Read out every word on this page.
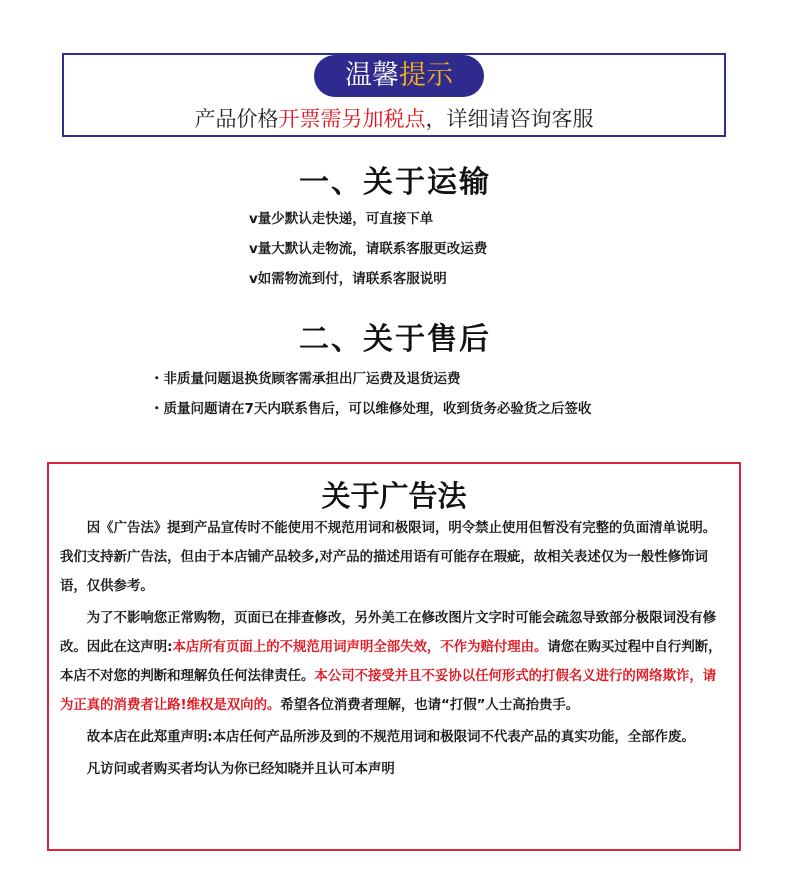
温馨提示
产品价格开票需另加税点，详细请咨询客服
一、关于运输
v量少默认走快递，可直接下单
v量大默认走物流，请联系客服更改运费
v如需物流到付，请联系客服说明
二、关于售后
・非质量问题退换货顾客需承担出厂运费及退货运费
・质量问题请在7天内联系售后，可以维修处理，收到货务必验货之后签收
关于广告法

因《广告法》提到产品宣传时不能使用不规范用词和极限词，明令禁止使用但暂没有完整的负面清单说明。我们支持新广告法，但由于本店铺产品较多,对产品的描述用语有可能存在瑕疵，故相关表述仅为一般性修饰词语，仅供参考。

为了不影响您正常购物，页面已在排查修改，另外美工在修改图片文字时可能会疏忽导致部分极限词没有修改。因此在这声明:本店所有页面上的不规范用词声明全部失效，不作为赔付理由。请您在购买过程中自行判断，本店不对您的判断和理解负任何法律责任。本公司不接受并且不妥协以任何形式的打假名义进行的网络欺诈，请为正真的消费者让路!维权是双向的。希望各位消费者理解，也请“打假”人士高抬贵手。

故本店在此郑重声明:本店任何产品所涉及到的不规范用词和极限词不代表产品的真实功能，全部作废。

凡访问或者购买者均认为你已经知晓并且认可本声明
